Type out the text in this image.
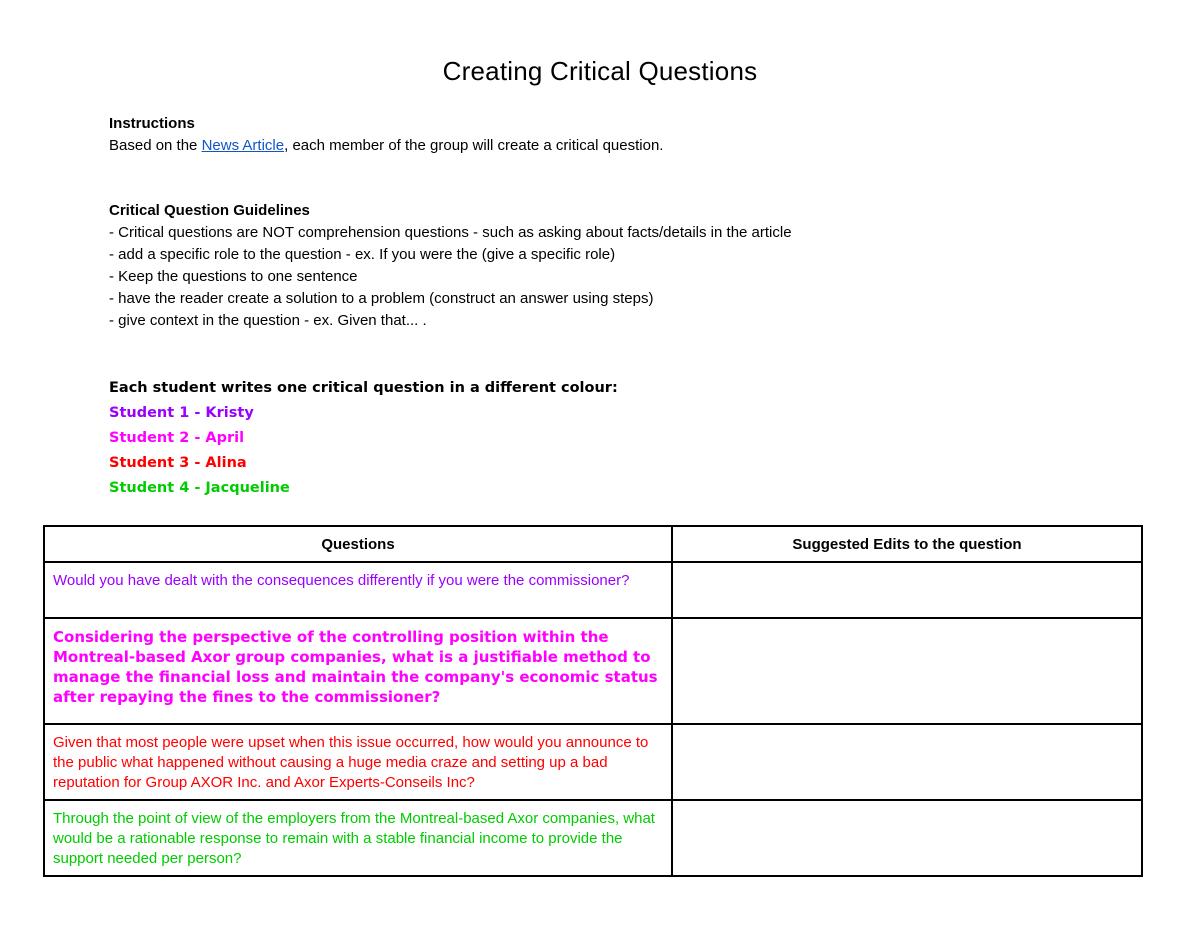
Creating Critical Questions
Instructions
Based on the News Article, each member of the group will create a critical question.
Critical Question Guidelines
- Critical questions are NOT comprehension questions - such as asking about facts/details in the article
- add a specific role to the question - ex. If you were the (give a specific role)
- Keep the questions to one sentence
- have the reader create a solution to a problem (construct an answer using steps)
- give context in the question - ex. Given that... .
Each student writes one critical question in a different colour:
Student 1 - Kristy
Student 2 - April
Student 3 - Alina
Student 4 - Jacqueline
Questions	Suggested Edits to the question
Would you have dealt with the consequences differently if you were the commissioner?	
Considering the perspective of the controlling position within the Montreal-based Axor group companies, what is a justifiable method to manage the financial loss and maintain the company's economic status after repaying the fines to the commissioner?	
Given that most people were upset when this issue occurred, how would you announce to the public what happened without causing a huge media craze and setting up a bad reputation for Group AXOR Inc. and Axor Experts-Conseils Inc?	
Through the point of view of the employers from the Montreal-based Axor companies, what would be a rationable response to remain with a stable financial income to provide the support needed per person?	
